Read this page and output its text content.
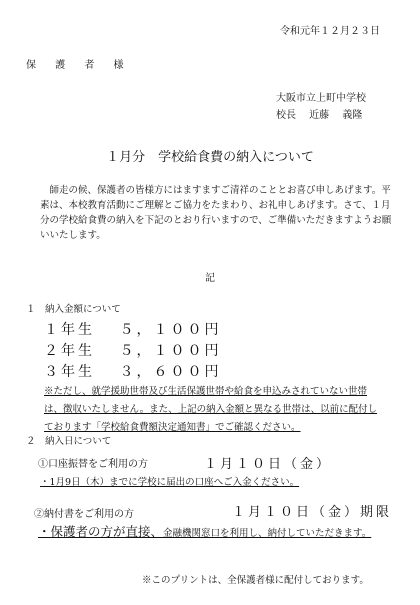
令和元年１２月２３日
保 護 者 様
大阪市立上町中学校
校長　 近藤　 義隆
１月分　学校給食費の納入について
　師走の候、保護者の皆様方にはますますご清祥のこととお喜び申しあげます。平素は、本校教育活動にご理解とご協力をたまわり、お礼申しあげます。さて、１月分の学校給食費の納入を下記のとおり行いますので、ご準備いただきますようお願いいたします。
記
１　納入金額について
１年生　 ５，１００円
２年生　 ５，１００円
３年生　 ３，６００円
※ただし、就学援助世帯及び生活保護世帯や給食を申込みされていない世帯は、徴収いたしません。また、上記の納入金額と異なる世帯は、以前に配付しております「学校給食費額決定通知書」でご確認ください。
２　納入日について
①口座振替をご利用の方	１月１０日（金）
・1月9日（木）までに学校に届出の口座へご入金ください。
②納付書をご利用の方	１月１０日（金）期限
・保護者の方が直接、金融機関窓口を利用し、納付していただきます。
※このプリントは、全保護者様に配付しております。
